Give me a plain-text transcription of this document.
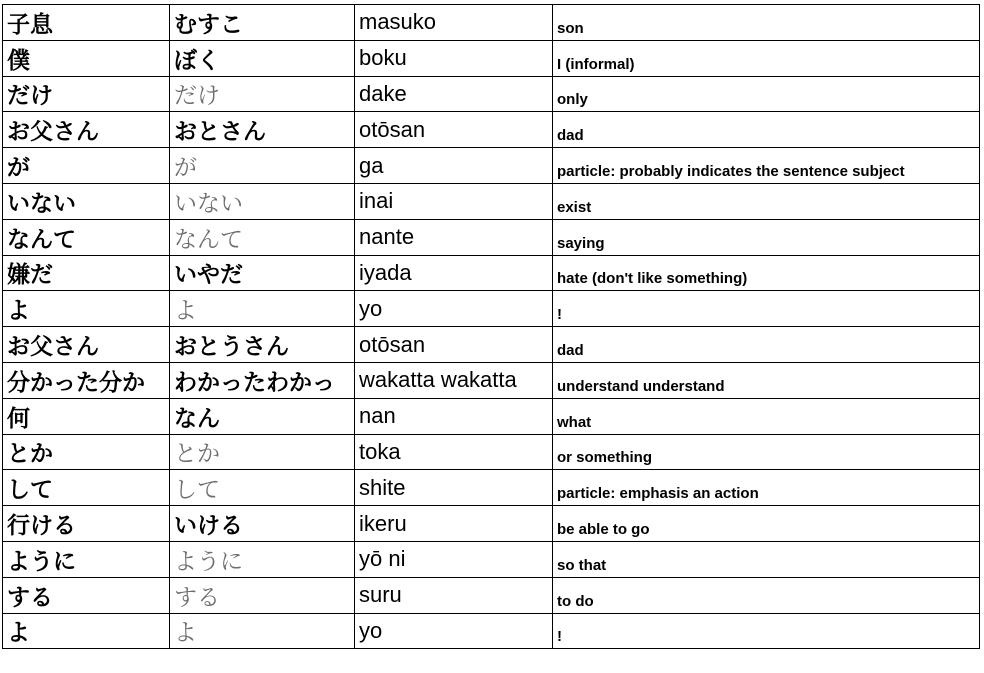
子息	むすこ	masuko	son
僕	ぼく	boku	I (informal)
だけ	だけ	dake	only
お父さん	おとさん	otōsan	dad
が	が	ga	particle: probably indicates the sentence subject
いない	いない	inai	exist
なんて	なんて	nante	saying
嫌だ	いやだ	iyada	hate (don't like something)
よ	よ	yo	!
お父さん	おとうさん	otōsan	dad
分かった分か	わかったわかっ	wakatta wakatta	understand understand
何	なん	nan	what
とか	とか	toka	or something
して	して	shite	particle: emphasis an action
行ける	いける	ikeru	be able to go
ように	ように	yō ni	so that
する	する	suru	to do
よ	よ	yo	!
